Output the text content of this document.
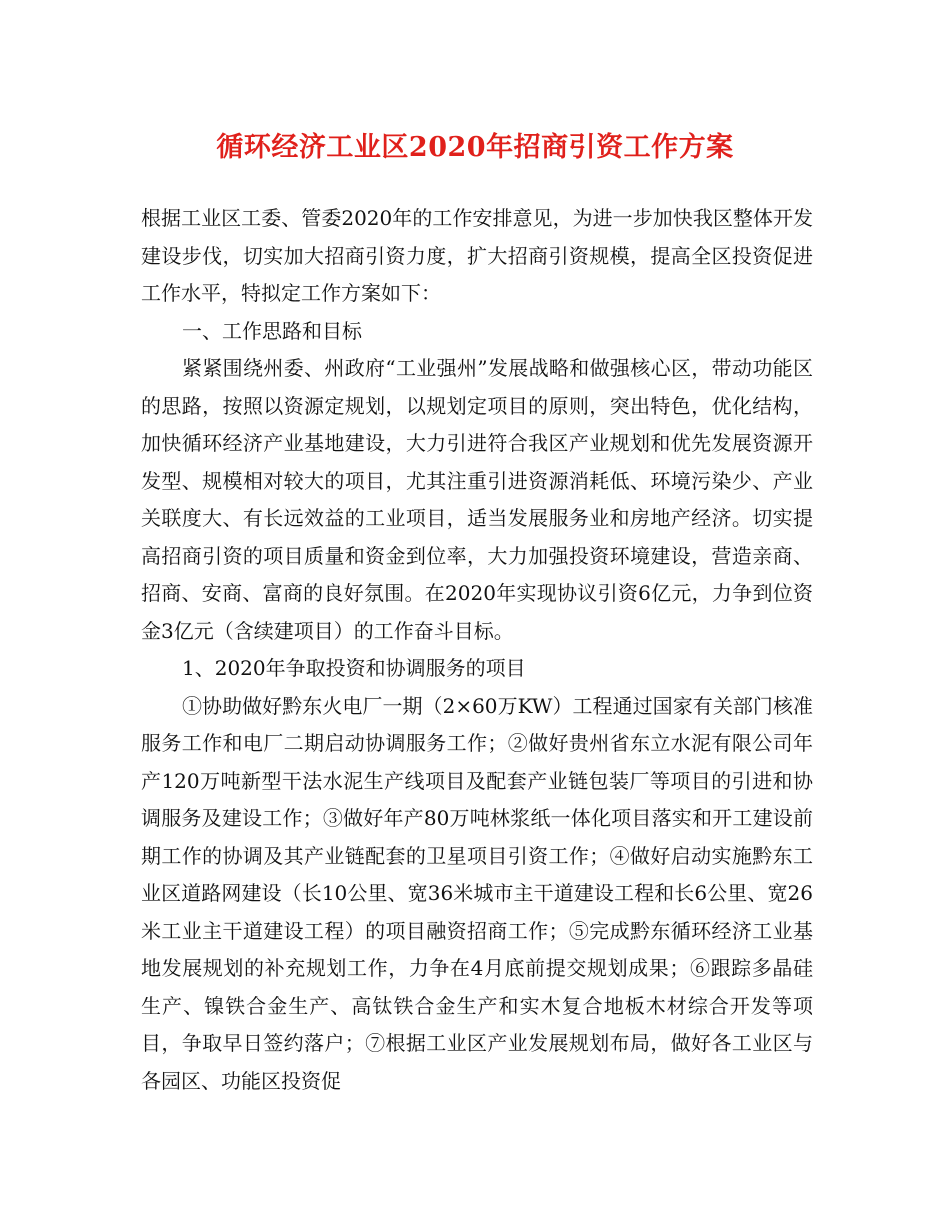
循环经济工业区2020年招商引资工作方案

根据工业区工委、管委2020年的工作安排意见，为进一步加快我区整体开发建设步伐，切实加大招商引资力度，扩大招商引资规模，提高全区投资促进工作水平，特拟定工作方案如下：

一、工作思路和目标

紧紧围绕州委、州政府“工业强州”发展战略和做强核心区，带动功能区的思路，按照以资源定规划，以规划定项目的原则，突出特色，优化结构，加快循环经济产业基地建设，大力引进符合我区产业规划和优先发展资源开发型、规模相对较大的项目，尤其注重引进资源消耗低、环境污染少、产业关联度大、有长远效益的工业项目，适当发展服务业和房地产经济。切实提高招商引资的项目质量和资金到位率，大力加强投资环境建设，营造亲商、招商、安商、富商的良好氛围。在2020年实现协议引资6亿元，力争到位资金3亿元（含续建项目）的工作奋斗目标。

1、2020年争取投资和协调服务的项目

①协助做好黔东火电厂一期（2×60万KW）工程通过国家有关部门核准服务工作和电厂二期启动协调服务工作；②做好贵州省东立水泥有限公司年产120万吨新型干法水泥生产线项目及配套产业链包装厂等项目的引进和协调服务及建设工作；③做好年产80万吨林浆纸一体化项目落实和开工建设前期工作的协调及其产业链配套的卫星项目引资工作；④做好启动实施黔东工业区道路网建设（长10公里、宽36米城市主干道建设工程和长6公里、宽26米工业主干道建设工程）的项目融资招商工作；⑤完成黔东循环经济工业基地发展规划的补充规划工作，力争在4月底前提交规划成果；⑥跟踪多晶硅生产、镍铁合金生产、高钛铁合金生产和实木复合地板木材综合开发等项目，争取早日签约落户；⑦根据工业区产业发展规划布局，做好各工业区与各园区、功能区投资促
